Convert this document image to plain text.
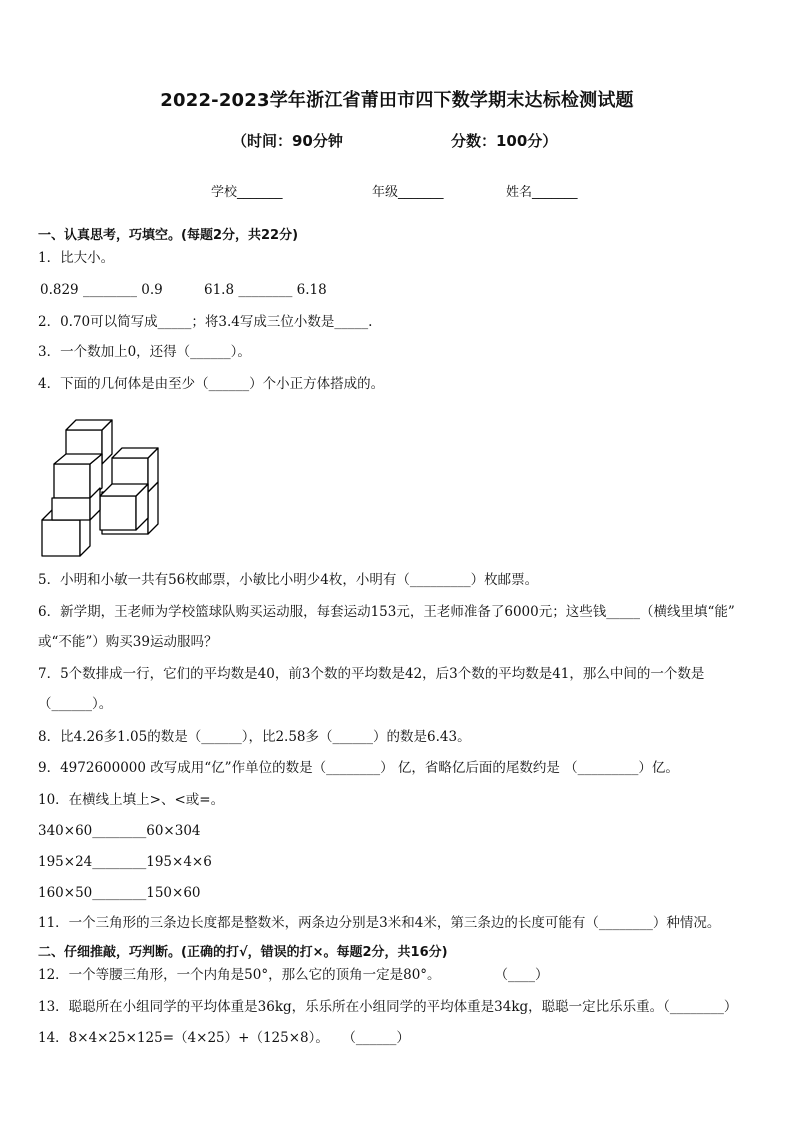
2022-2023学年浙江省莆田市四下数学期末达标检测试题
（时间：90分钟	分数：100分）
学校_______	年级_______	姓名_______
一、认真思考，巧填空。(每题2分，共22分)
1．比大小。
0.829 ________ 0.9	61.8 ________ 6.18
2．0.70可以简写成_____；将3.4写成三位小数是_____.
3．一个数加上0，还得（______）。
4．下面的几何体是由至少（______）个小正方体搭成的。
5．小明和小敏一共有56枚邮票，小敏比小明少4枚，小明有（_________）枚邮票。
6．新学期，王老师为学校篮球队购买运动服，每套运动153元，王老师准备了6000元；这些钱_____（横线里填“能”
或“不能”）购买39运动服吗？
7．5个数排成一行，它们的平均数是40，前3个数的平均数是42，后3个数的平均数是41，那么中间的一个数是
（______）。
8．比4.26多1.05的数是（______），比2.58多（______）的数是6.43。
9．4972600000 改写成用“亿”作单位的数是（________） 亿，省略亿后面的尾数约是 （_________）亿。
10．在横线上填上>、<或=。
340×60________60×304
195×24________195×4×6
160×50________150×60
11．一个三角形的三条边长度都是整数米，两条边分别是3米和4米，第三条边的长度可能有（________）种情况。
二、仔细推敲，巧判断。(正确的打√，错误的打×。每题2分，共16分)
12．一个等腰三角形，一个内角是50°，那么它的顶角一定是80°。　　　　　（____）
13．聪聪所在小组同学的平均体重是36kg，乐乐所在小组同学的平均体重是34kg，聪聪一定比乐乐重。（________）
14．8×4×25×125=（4×25）+（125×8）。　　（______）
